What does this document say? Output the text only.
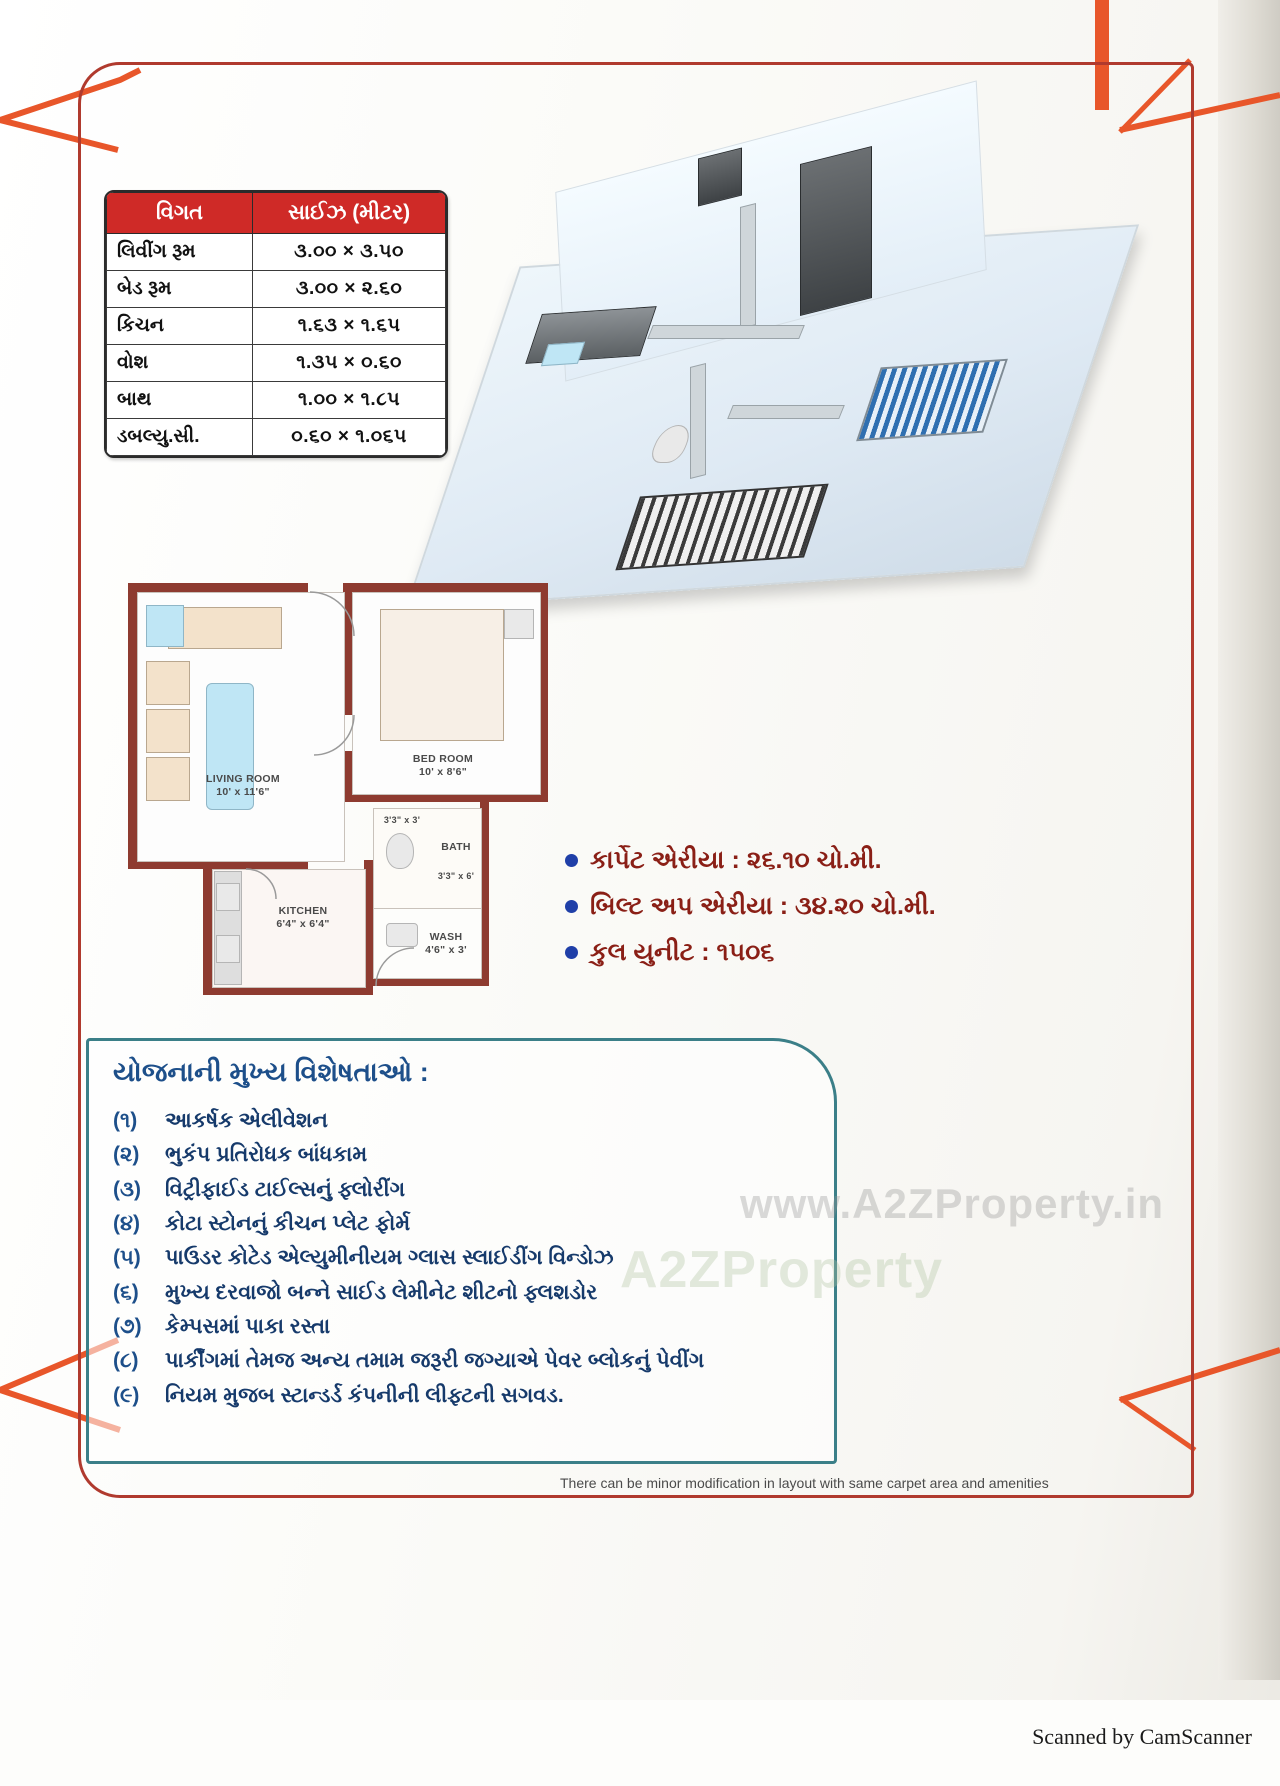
વિગત	સાઈઝ (મીટર)
લિવીંગ રૂમ	૩.૦૦ × ૩.૫૦
બેડ રૂમ	૩.૦૦ × ૨.૬૦
કિચન	૧.૬૩ × ૧.૬૫
વોશ	૧.૩૫ × ૦.૬૦
બાથ	૧.૦૦ × ૧.૮૫
ડબલ્યુ.સી.	૦.૬૦ × ૧.૦૬૫
LIVING ROOM
10' x 11'6"
BED ROOM
10' x 8'6"
KITCHEN
6'4" x 6'4"
BATH
3'3" x 6'
3'3" x 3'
WASH
4'6" x 3'
કાર્પેટ એરીયા : ૨૬.૧૦ ચો.મી.
બિલ્ટ અપ એરીયા : ૩૪.૨૦ ચો.મી.
કુલ યુનીટ : ૧૫૦૬
યોજનાની મુખ્ય વિશેષતાઓ :
(૧)	આકર્ષક એલીવેશન
(૨)	ભુકંપ પ્રતિરોધક બાંધકામ
(૩)	વિટ્રીફાઈડ ટાઈલ્સનું ફ્લોરીંગ
(૪)	કોટા સ્ટોનનું કીચન પ્લેટ ફોર્મ
(૫)	પાઉડર કોટેડ એલ્યુમીનીયમ ગ્લાસ સ્લાઈડીંગ વિન્ડોઝ
(૬)	મુખ્ય દરવાજો બન્ને સાઈડ લેમીનેટ શીટનો ફ્લશડોર
(૭)	કેમ્પસમાં પાકા રસ્તા
(૮)	પાર્કીંગમાં તેમજ અન્ય તમામ જરૂરી જગ્યાએ પેવર બ્લોકનું પેવીંગ
(૯)	નિયમ મુજબ સ્ટાન્ડર્ડ કંપનીની લીફ્ટની સગવડ.
A2ZProperty
www.A2ZProperty.in
There can be minor modification in layout with same carpet area and amenities
Scanned by CamScanner
